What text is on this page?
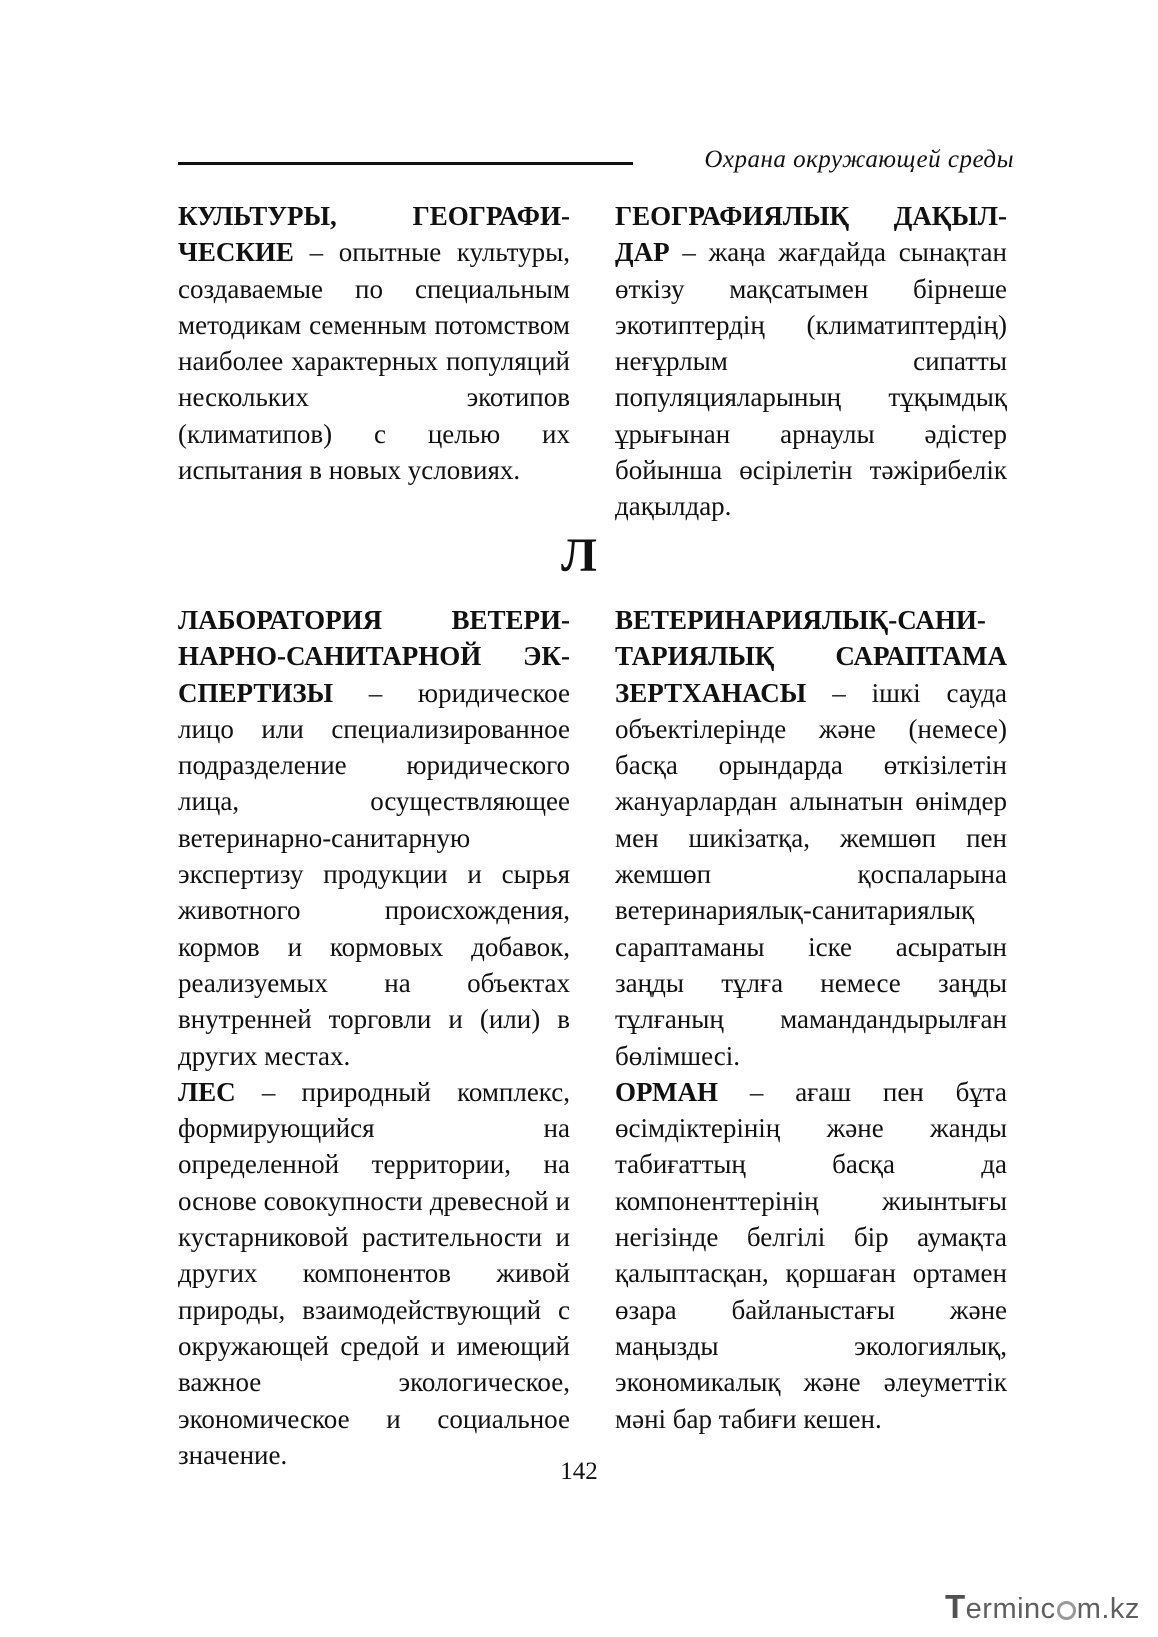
Охрана окружающей среды

КУЛЬТУРЫ, ГЕОГРАФИЧЕСКИЕ – опытные культуры, создаваемые по специальным методикам семенным потомством наиболее характерных популяций нескольких экотипов (климатипов) с целью их испытания в новых условиях.

ГЕОГРАФИЯЛЫҚ ДАҚЫЛДАР – жаңа жағдайда сынақтан өткізу мақсатымен бірнеше экотиптердің (климатиптердің) неғұрлым сипатты популяцияларының тұқымдық ұрығынан арнаулы әдістер бойынша өсірілетін тәжірибелік дақылдар.

Л

ЛАБОРАТОРИЯ ВЕТЕРИНАРНО-САНИТАРНОЙ ЭКСПЕРТИЗЫ – юридическое лицо или специализированное подразделение юридического лица, осуществляющее ветеринарно-санитарную экспертизу продукции и сырья животного происхождения, кормов и кормовых добавок, реализуемых на объектах внутренней торговли и (или) в других местах.

ЛЕС – природный комплекс, формирующийся на определенной территории, на основе совокупности древесной и кустарниковой растительности и других компонентов живой природы, взаимодействующий с окружающей средой и имеющий важное экологическое, экономическое и социальное значение.

ВЕТЕРИНАРИЯЛЫҚ-САНИТАРИЯЛЫҚ САРАПТАМА ЗЕРТХАНАСЫ – ішкі сауда объектілерінде және (немесе) басқа орындарда өткізілетін жануарлардан алынатын өнімдер мен шикізатқа, жемшөп пен жемшөп қоспаларына ветеринариялық-санитариялық сараптаманы іске асыратын заңды тұлға немесе заңды тұлғаның мамандандырылған бөлімшесі.

ОРМАН – ағаш пен бұта өсімдіктерінің және жанды табиғаттың басқа да компоненттерінің жиынтығы негізінде белгілі бір аумақта қалыптасқан, қоршаған ортамен өзара байланыстағы және маңызды экологиялық, экономикалық және әлеуметтік мәні бар табиғи кешен.

142
Terminc m.kz
